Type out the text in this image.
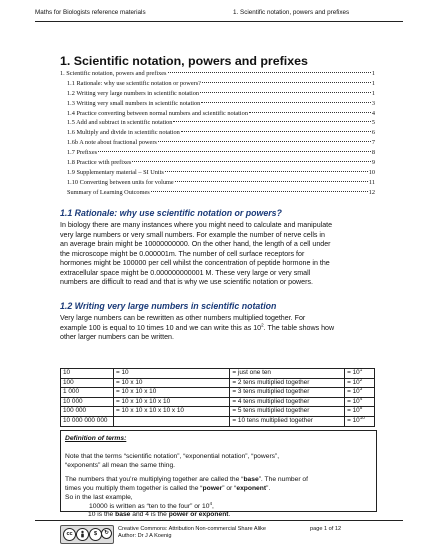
Maths for Biologists reference materials	1. Scientific notation, powers and prefixes
1. Scientific notation, powers and prefixes
1. Scientific notation, powers and prefixes	1
1.1 Rationale: why use scientific notation or powers?	1
1.2 Writing very large numbers in scientific notation	1
1.3 Writing very small numbers in scientific notation	3
1.4 Practice converting between normal numbers and scientific notation	4
1.5 Add and subtract in scientific notation	5
1.6 Multiply and divide in scientific notation	6
1.6b A note about fractional powers	7
1.7 Prefixes	8
1.8 Practice with prefixes	9
1.9 Supplementary material – SI Units	10
1.10 Converting between units for volume	11
Summary of Learning Outcomes	12
1.1 Rationale: why use scientific notation or powers?
In biology there are many instances where you might need to calculate and manipulate
very large numbers or very small numbers. For example the number of nerve cells in
an average brain might be 10000000000. On the other hand, the length of a cell under
the microscope might be 0.000001m. The number of cell surface receptors for
hormones might be 100000 per cell whilst the concentration of peptide hormone in the
extracellular space might be 0.000000000001 M. These very large or very small
numbers are difficult to read and that is why we use scientific notation or powers.
1.2 Writing very large numbers in scientific notation
Very large numbers can be rewritten as other numbers multiplied together. For
example 100 is equal to 10 times 10 and we can write this as $10^2$. The table shows how
other larger numbers can be written.
10	= 10	= just one ten	= $10^1$
100	= 10 x 10	= 2 tens multiplied together	= $10^2$
1 000	= 10 x 10 x 10	= 3 tens multiplied together	= $10^3$
10 000	= 10 x 10 x 10 x 10	= 4 tens multiplied together	= $10^4$
100 000	= 10 x 10 x 10 x 10 x 10	= 5 tens multiplied together	= $10^5$
10 000 000 000		= 10 tens multiplied together	= $10^{10}$
Definition of terms:
Note that the terms “scientific notation”, “exponential notation”, “powers”,
“exponents” all mean the same thing.
The numbers that you’re multiplying together are called the “base”. The number of
times you multiply them together is called the “power” or “exponent”.
So in the last example,
10000 is written as “ten to the four” or $10^4$,
10 is the base and 4 is the power or exponent.
cc	$	↻
Creative Commons: Attribution Non-commercial Share Alike
Author: Dr J A Koenig
page 1 of 12
